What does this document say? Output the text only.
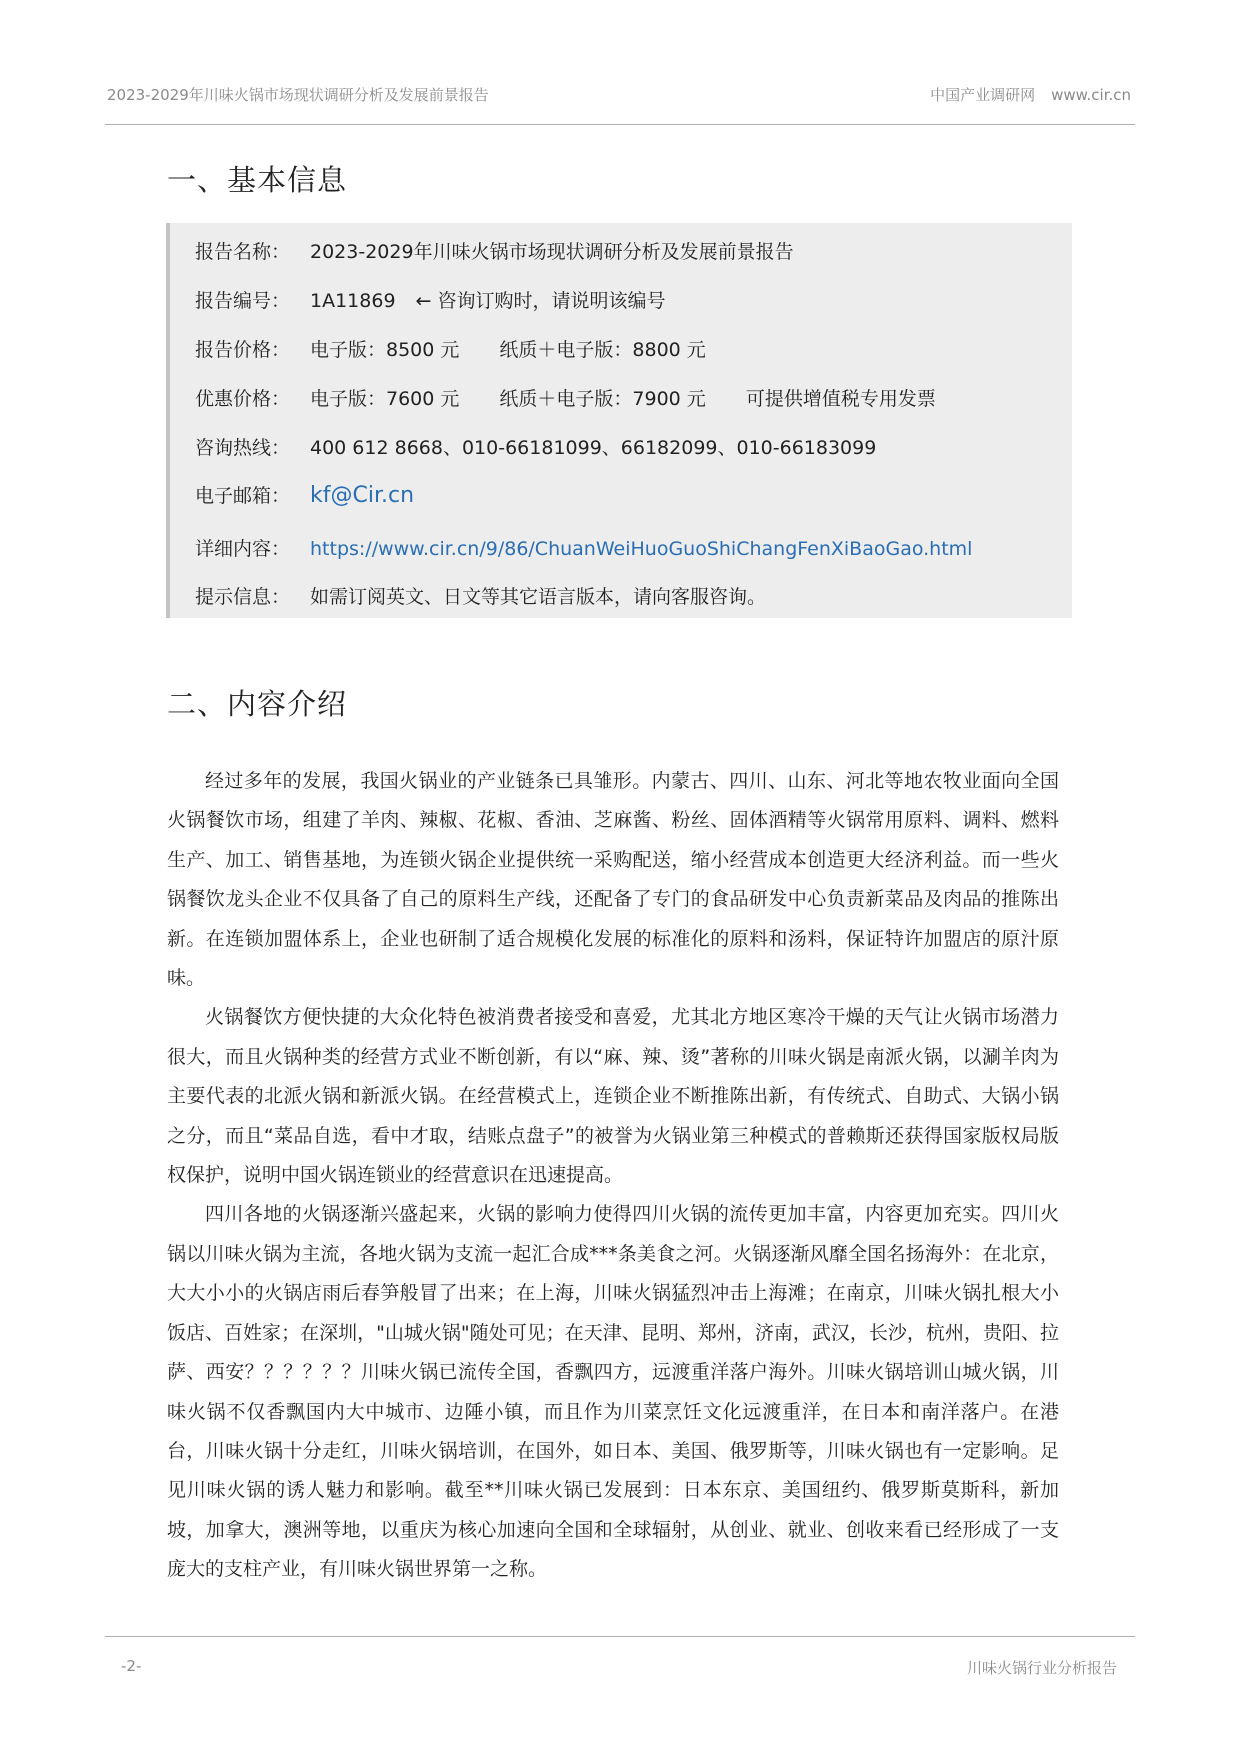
2023-2029年川味火锅市场现状调研分析及发展前景报告	中国产业调研网 www.cir.cn
一、基本信息
报告名称： 2023-2029年川味火锅市场现状调研分析及发展前景报告
报告编号： 1A11869 ← 咨询订购时，请说明该编号
报告价格： 电子版：8500 元 纸质＋电子版：8800 元
优惠价格： 电子版：7600 元 纸质＋电子版：7900 元 可提供增值税专用发票
咨询热线： 400 612 8668、010-66181099、66182099、010-66183099
电子邮箱： kf@Cir.cn
详细内容： https://www.cir.cn/9/86/ChuanWeiHuoGuoShiChangFenXiBaoGao.html
提示信息： 如需订阅英文、日文等其它语言版本，请向客服咨询。
二、内容介绍

经过多年的发展，我国火锅业的产业链条已具雏形。内蒙古、四川、山东、河北等地农牧业面向全国火锅餐饮市场，组建了羊肉、辣椒、花椒、香油、芝麻酱、粉丝、固体酒精等火锅常用原料、调料、燃料生产、加工、销售基地，为连锁火锅企业提供统一采购配送，缩小经营成本创造更大经济利益。而一些火锅餐饮龙头企业不仅具备了自己的原料生产线，还配备了专门的食品研发中心负责新菜品及肉品的推陈出新。在连锁加盟体系上，企业也研制了适合规模化发展的标准化的原料和汤料，保证特许加盟店的原汁原味。

火锅餐饮方便快捷的大众化特色被消费者接受和喜爱，尤其北方地区寒冷干燥的天气让火锅市场潜力很大，而且火锅种类的经营方式业不断创新，有以“麻、辣、烫”著称的川味火锅是南派火锅，以涮羊肉为主要代表的北派火锅和新派火锅。在经营模式上，连锁企业不断推陈出新，有传统式、自助式、大锅小锅之分，而且“菜品自选，看中才取，结账点盘子”的被誉为火锅业第三种模式的普赖斯还获得国家版权局版权保护，说明中国火锅连锁业的经营意识在迅速提高。

四川各地的火锅逐渐兴盛起来，火锅的影响力使得四川火锅的流传更加丰富，内容更加充实。四川火锅以川味火锅为主流，各地火锅为支流一起汇合成***条美食之河。火锅逐渐风靡全国名扬海外：在北京，大大小小的火锅店雨后春笋般冒了出来；在上海，川味火锅猛烈冲击上海滩；在南京，川味火锅扎根大小饭店、百姓家；在深圳，"山城火锅"随处可见；在天津、昆明、郑州，济南，武汉，长沙，杭州，贵阳、拉萨、西安？？？？？？川味火锅已流传全国，香飘四方，远渡重洋落户海外。川味火锅培训山城火锅，川味火锅不仅香飘国内大中城市、边陲小镇，而且作为川菜烹饪文化远渡重洋，在日本和南洋落户。在港台，川味火锅十分走红，川味火锅培训，在国外，如日本、美国、俄罗斯等，川味火锅也有一定影响。足见川味火锅的诱人魅力和影响。截至**川味火锅已发展到：日本东京、美国纽约、俄罗斯莫斯科，新加坡，加拿大，澳洲等地，以重庆为核心加速向全国和全球辐射，从创业、就业、创收来看已经形成了一支庞大的支柱产业，有川味火锅世界第一之称。

-2-	川味火锅行业分析报告
